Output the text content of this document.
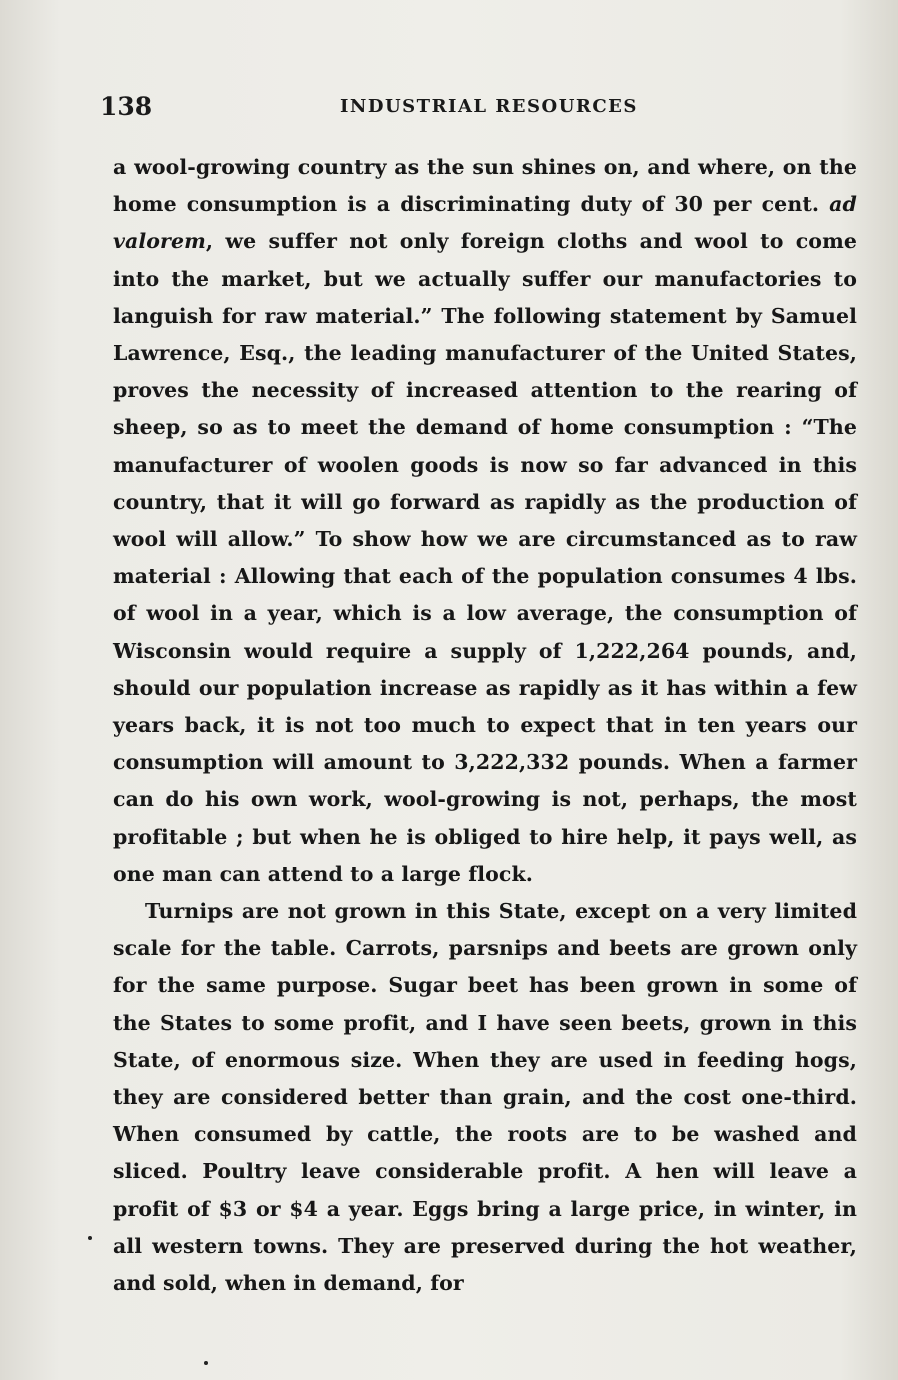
138	INDUSTRIAL RESOURCES

a wool-growing country as the sun shines on, and where, on the home consumption is a discriminating duty of 30 per cent. ad valorem, we suffer not only foreign cloths and wool to come into the market, but we actually suffer our manufactories to languish for raw material.” The following statement by Samuel Lawrence, Esq., the leading manufacturer of the United States, proves the necessity of increased attention to the rearing of sheep, so as to meet the demand of home consumption : “The manufacturer of woolen goods is now so far advanced in this country, that it will go forward as rapidly as the production of wool will allow.” To show how we are circumstanced as to raw material : Allowing that each of the population consumes 4 lbs. of wool in a year, which is a low average, the consumption of Wisconsin would require a supply of 1,222,264 pounds, and, should our population increase as rapidly as it has within a few years back, it is not too much to expect that in ten years our consumption will amount to 3,222,332 pounds. When a farmer can do his own work, wool-growing is not, perhaps, the most profitable ; but when he is obliged to hire help, it pays well, as one man can attend to a large flock.

Turnips are not grown in this State, except on a very limited scale for the table. Carrots, parsnips and beets are grown only for the same purpose. Sugar beet has been grown in some of the States to some profit, and I have seen beets, grown in this State, of enormous size. When they are used in feeding hogs, they are considered better than grain, and the cost one-third. When consumed by cattle, the roots are to be washed and sliced. Poultry leave considerable profit. A hen will leave a profit of $3 or $4 a year. Eggs bring a large price, in winter, in all western towns. They are preserved during the hot weather, and sold, when in demand, for
